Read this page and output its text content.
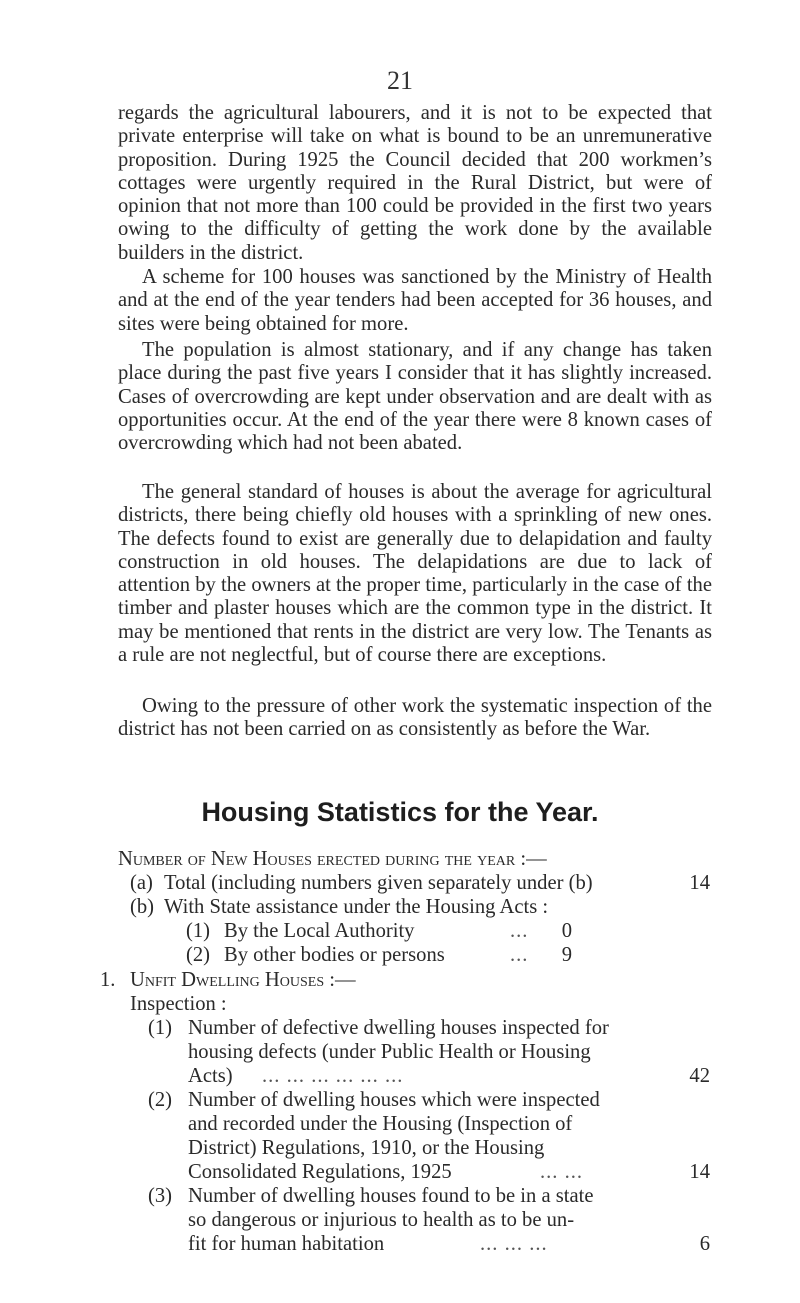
21

regards the agricultural labourers, and it is not to be expected that private enterprise will take on what is bound to be an unremunerative proposition. During 1925 the Council decided that 200 workmen’s cottages were urgently required in the Rural District, but were of opinion that not more than 100 could be provided in the first two years owing to the difficulty of getting the work done by the available builders in the district.

A scheme for 100 houses was sanctioned by the Ministry of Health and at the end of the year tenders had been accepted for 36 houses, and sites were being obtained for more.

The population is almost stationary, and if any change has taken place during the past five years I consider that it has slightly increased. Cases of overcrowding are kept under observation and are dealt with as opportunities occur. At the end of the year there were 8 known cases of overcrowding which had not been abated.

The general standard of houses is about the average for agricultural districts, there being chiefly old houses with a sprinkling of new ones. The defects found to exist are generally due to delapidation and faulty construction in old houses. The delapidations are due to lack of attention by the owners at the proper time, particularly in the case of the timber and plaster houses which are the common type in the district. It may be mentioned that rents in the district are very low. The Tenants as a rule are not neglectful, but of course there are exceptions.

Owing to the pressure of other work the systematic inspection of the district has not been carried on as consistently as before the War.

Housing Statistics for the Year.
Number of New Houses erected during the year :—
(a) Total (including numbers given separately under (b)	14
(b) With State assistance under the Housing Acts :
(1) By the Local Authority	...	0
(2) By other bodies or persons	...	9
1. Unfit Dwelling Houses :—
Inspection :
(1) Number of defective dwelling houses inspected for
housing defects (under Public Health or Housing
Acts) ... ... ... ... ... ...	42
(2) Number of dwelling houses which were inspected
and recorded under the Housing (Inspection of
District) Regulations, 1910, or the Housing
Consolidated Regulations, 1925	... ...	14
(3) Number of dwelling houses found to be in a state
so dangerous or injurious to health as to be un-
fit for human habitation	... ... ...	6
